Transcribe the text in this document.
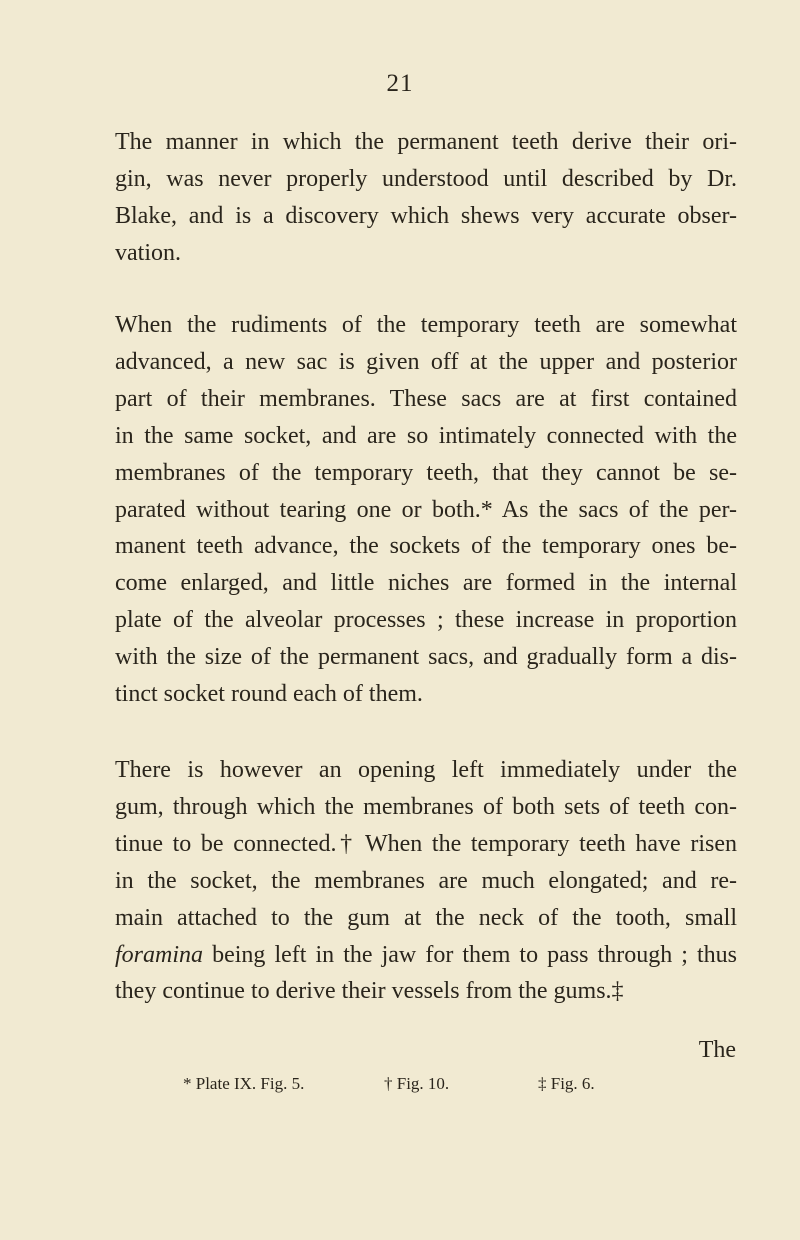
21
The manner in which the permanent teeth derive their ori-
gin, was never properly understood until described by Dr.
Blake, and is a discovery which shews very accurate obser-
vation.
When the rudiments of the temporary teeth are somewhat
advanced, a new sac is given off at the upper and posterior
part of their membranes. These sacs are at first contained
in the same socket, and are so intimately connected with the
membranes of the temporary teeth, that they cannot be se-
parated without tearing one or both.* As the sacs of the per-
manent teeth advance, the sockets of the temporary ones be-
come enlarged, and little niches are formed in the internal
plate of the alveolar processes ; these increase in proportion
with the size of the permanent sacs, and gradually form a dis-
tinct socket round each of them.
There is however an opening left immediately under the
gum, through which the membranes of both sets of teeth con-
tinue to be connected.† When the temporary teeth have risen
in the socket, the membranes are much elongated; and re-
main attached to the gum at the neck of the tooth, small
foramina being left in the jaw for them to pass through ; thus
they continue to derive their vessels from the gums.‡
The
* Plate IX. Fig. 5.	† Fig. 10.	‡ Fig. 6.
